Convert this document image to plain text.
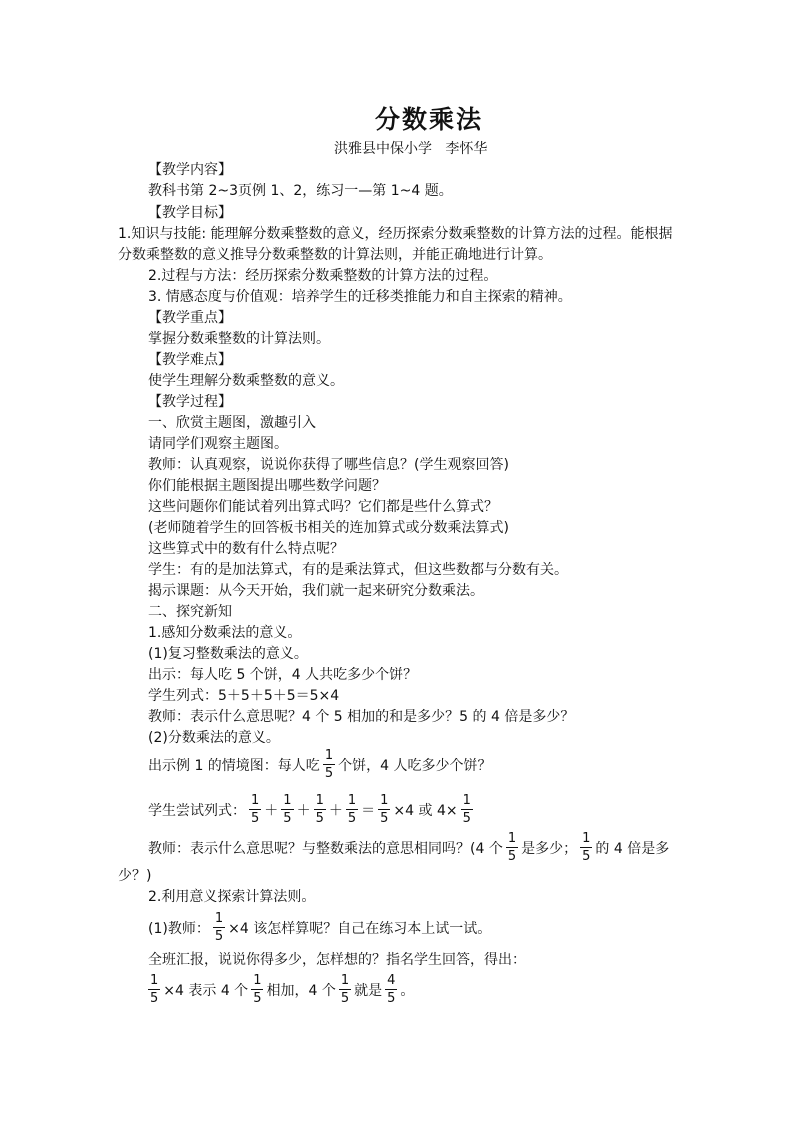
分数乘法
洪雅县中保小学   李怀华
【教学内容】
教科书第 2~3页例 1、2，练习一—第 1~4 题。
【教学目标】
1.知识与技能: 能理解分数乘整数的意义，经历探索分数乘整数的计算方法的过程。能根据
分数乘整数的意义推导分数乘整数的计算法则，并能正确地进行计算。
2.过程与方法：经历探索分数乘整数的计算方法的过程。
3. 情感态度与价值观：培养学生的迁移类推能力和自主探索的精神。
【教学重点】
掌握分数乘整数的计算法则。
【教学难点】
使学生理解分数乘整数的意义。
【教学过程】
一、欣赏主题图，激趣引入
请同学们观察主题图。
教师：认真观察，说说你获得了哪些信息？(学生观察回答)
你们能根据主题图提出哪些数学问题？
这些问题你们能试着列出算式吗？它们都是些什么算式？
(老师随着学生的回答板书相关的连加算式或分数乘法算式)
这些算式中的数有什么特点呢？
学生：有的是加法算式，有的是乘法算式，但这些数都与分数有关。
揭示课题：从今天开始，我们就一起来研究分数乘法。
二、探究新知
1.感知分数乘法的意义。
(1)复习整数乘法的意义。
出示：每人吃 5 个饼，4 人共吃多少个饼？
学生列式：5＋5＋5＋5＝5×4
教师：表示什么意思呢？4 个 5 相加的和是多少？5 的 4 倍是多少？
(2)分数乘法的意义。
出示例 1 的情境图：每人吃 $\frac{1}{5}$ 个饼，4 人吃多少个饼？
学生尝试列式： $\frac{1}{5} + \frac{1}{5} + \frac{1}{5} + \frac{1}{5} = \frac{1}{5} \times 4$ 或 $4\times \frac{1}{5}$
教师：表示什么意思呢？与整数乘法的意思相同吗？(4 个 $\frac{1}{5}$ 是多少； $\frac{1}{5}$ 的 4 倍是多
少？)
2.利用意义探索计算法则。
(1)教师： $\frac{1}{5} \times 4$ 该怎样算呢？自己在练习本上试一试。
全班汇报，说说你得多少，怎样想的？指名学生回答，得出：
$\frac{1}{5} \times 4$ 表示 4 个 $\frac{1}{5}$ 相加，4 个 $\frac{1}{5}$ 就是 $\frac{4}{5}$ 。
